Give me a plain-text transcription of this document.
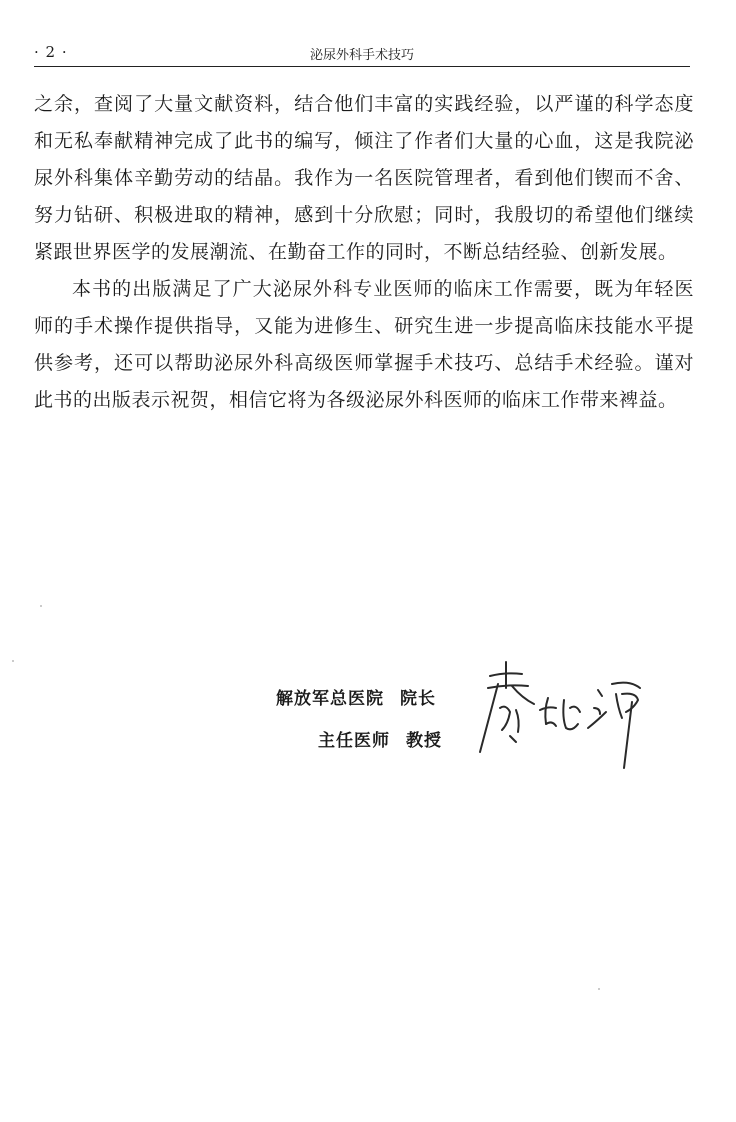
· 2 ·	泌尿外科手术技巧

之余，查阅了大量文献资料，结合他们丰富的实践经验，以严谨的科学态度和无私奉献精神完成了此书的编写，倾注了作者们大量的心血，这是我院泌尿外科集体辛勤劳动的结晶。我作为一名医院管理者，看到他们锲而不舍、努力钻研、积极进取的精神，感到十分欣慰；同时，我殷切的希望他们继续紧跟世界医学的发展潮流、在勤奋工作的同时，不断总结经验、创新发展。

本书的出版满足了广大泌尿外科专业医师的临床工作需要，既为年轻医师的手术操作提供指导，又能为进修生、研究生进一步提高临床技能水平提供参考，还可以帮助泌尿外科高级医师掌握手术技巧、总结手术经验。谨对此书的出版表示祝贺，相信它将为各级泌尿外科医师的临床工作带来裨益。

解放军总医院 院长
主任医师 教授
